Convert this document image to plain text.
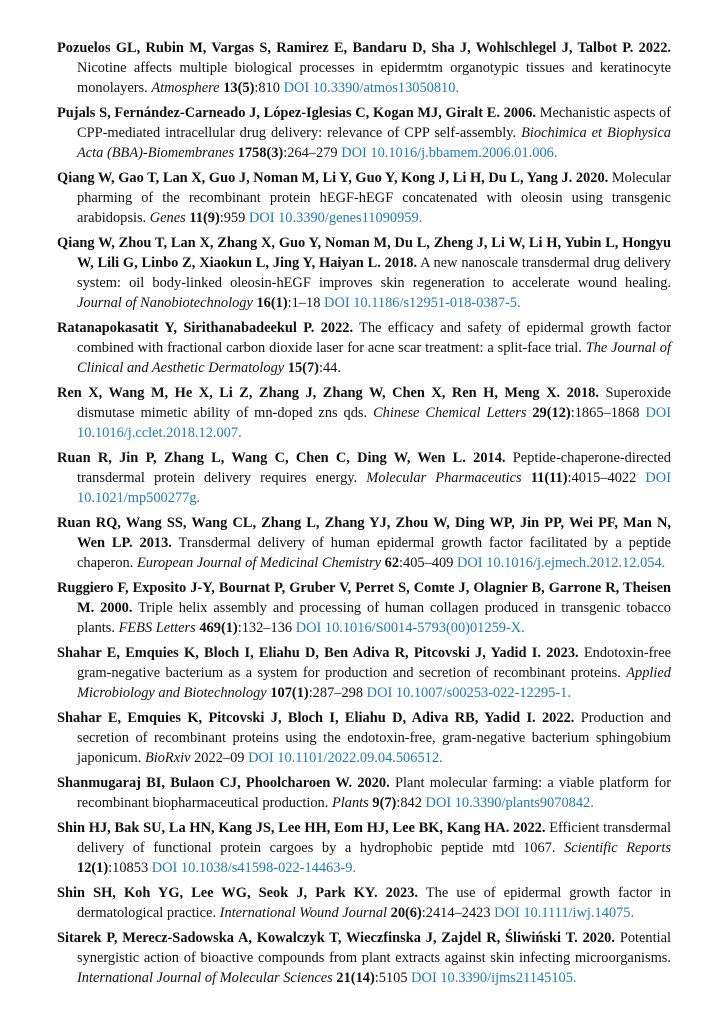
Pozuelos GL, Rubin M, Vargas S, Ramirez E, Bandaru D, Sha J, Wohlschlegel J, Talbot P. 2022. Nicotine affects multiple biological processes in epidermtm organotypic tissues and keratinocyte monolayers. Atmosphere 13(5):810 DOI 10.3390/atmos13050810.

Pujals S, Fernández-Carneado J, López-Iglesias C, Kogan MJ, Giralt E. 2006. Mechanistic aspects of CPP-mediated intracellular drug delivery: relevance of CPP self-assembly. Biochimica et Biophysica Acta (BBA)-Biomembranes 1758(3):264–279 DOI 10.1016/j.bbamem.2006.01.006.

Qiang W, Gao T, Lan X, Guo J, Noman M, Li Y, Guo Y, Kong J, Li H, Du L, Yang J. 2020. Molecular pharming of the recombinant protein hEGF-hEGF concatenated with oleosin using transgenic arabidopsis. Genes 11(9):959 DOI 10.3390/genes11090959.

Qiang W, Zhou T, Lan X, Zhang X, Guo Y, Noman M, Du L, Zheng J, Li W, Li H, Yubin L, Hongyu W, Lili G, Linbo Z, Xiaokun L, Jing Y, Haiyan L. 2018. A new nanoscale transdermal drug delivery system: oil body-linked oleosin-hEGF improves skin regeneration to accelerate wound healing. Journal of Nanobiotechnology 16(1):1–18 DOI 10.1186/s12951-018-0387-5.

Ratanapokasatit Y, Sirithanabadeekul P. 2022. The efficacy and safety of epidermal growth factor combined with fractional carbon dioxide laser for acne scar treatment: a split-face trial. The Journal of Clinical and Aesthetic Dermatology 15(7):44.

Ren X, Wang M, He X, Li Z, Zhang J, Zhang W, Chen X, Ren H, Meng X. 2018. Superoxide dismutase mimetic ability of mn-doped zns qds. Chinese Chemical Letters 29(12):1865–1868 DOI 10.1016/j.cclet.2018.12.007.

Ruan R, Jin P, Zhang L, Wang C, Chen C, Ding W, Wen L. 2014. Peptide-chaperone-directed transdermal protein delivery requires energy. Molecular Pharmaceutics 11(11):4015–4022 DOI 10.1021/mp500277g.

Ruan RQ, Wang SS, Wang CL, Zhang L, Zhang YJ, Zhou W, Ding WP, Jin PP, Wei PF, Man N, Wen LP. 2013. Transdermal delivery of human epidermal growth factor facilitated by a peptide chaperon. European Journal of Medicinal Chemistry 62:405–409 DOI 10.1016/j.ejmech.2012.12.054.

Ruggiero F, Exposito J-Y, Bournat P, Gruber V, Perret S, Comte J, Olagnier B, Garrone R, Theisen M. 2000. Triple helix assembly and processing of human collagen produced in transgenic tobacco plants. FEBS Letters 469(1):132–136 DOI 10.1016/S0014-5793(00)01259-X.

Shahar E, Emquies K, Bloch I, Eliahu D, Ben Adiva R, Pitcovski J, Yadid I. 2023. Endotoxin-free gram-negative bacterium as a system for production and secretion of recombinant proteins. Applied Microbiology and Biotechnology 107(1):287–298 DOI 10.1007/s00253-022-12295-1.

Shahar E, Emquies K, Pitcovski J, Bloch I, Eliahu D, Adiva RB, Yadid I. 2022. Production and secretion of recombinant proteins using the endotoxin-free, gram-negative bacterium sphingobium japonicum. BioRxiv 2022–09 DOI 10.1101/2022.09.04.506512.

Shanmugaraj BI, Bulaon CJ, Phoolcharoen W. 2020. Plant molecular farming: a viable platform for recombinant biopharmaceutical production. Plants 9(7):842 DOI 10.3390/plants9070842.

Shin HJ, Bak SU, La HN, Kang JS, Lee HH, Eom HJ, Lee BK, Kang HA. 2022. Efficient transdermal delivery of functional protein cargoes by a hydrophobic peptide mtd 1067. Scientific Reports 12(1):10853 DOI 10.1038/s41598-022-14463-9.

Shin SH, Koh YG, Lee WG, Seok J, Park KY. 2023. The use of epidermal growth factor in dermatological practice. International Wound Journal 20(6):2414–2423 DOI 10.1111/iwj.14075.

Sitarek P, Merecz-Sadowska A, Kowalczyk T, Wieczfinska J, Zajdel R, Śliwiński T. 2020. Potential synergistic action of bioactive compounds from plant extracts against skin infecting microorganisms. International Journal of Molecular Sciences 21(14):5105 DOI 10.3390/ijms21145105.
